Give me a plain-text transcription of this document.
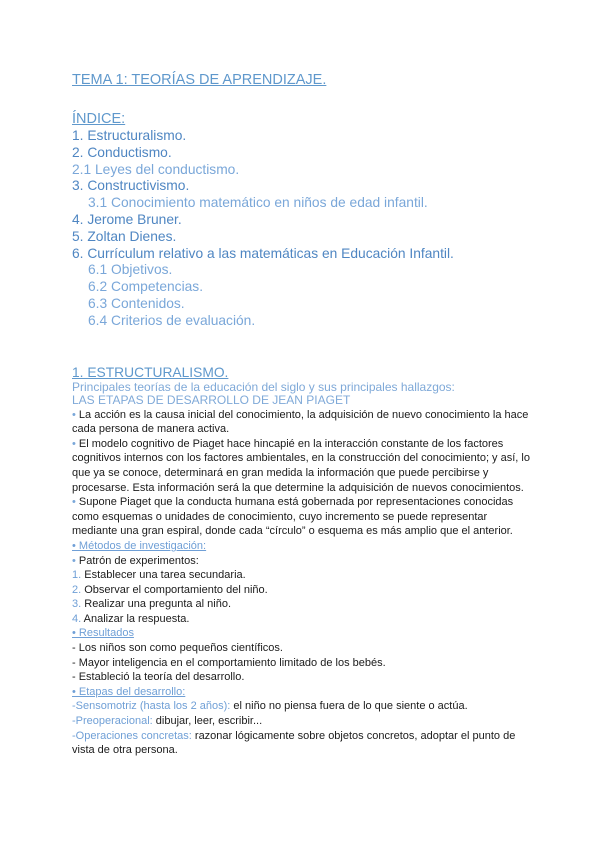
TEMA 1: TEORÍAS DE APRENDIZAJE.
ÍNDICE:
1. Estructuralismo.
2. Conductismo.
2.1 Leyes del conductismo.
3. Constructivismo.
3.1 Conocimiento matemático en niños de edad infantil.
4. Jerome Bruner.
5. Zoltan Dienes.
6. Currículum relativo a las matemáticas en Educación Infantil.
6.1 Objetivos.
6.2 Competencias.
6.3 Contenidos.
6.4 Criterios de evaluación.
1. ESTRUCTURALISMO.
Principales teorías de la educación del siglo y sus principales hallazgos:
LAS ETAPAS DE DESARROLLO DE JEAN PIAGET

• La acción es la causa inicial del conocimiento, la adquisición de nuevo conocimiento la hace cada persona de manera activa.

• El modelo cognitivo de Piaget hace hincapié en la interacción constante de los factores cognitivos internos con los factores ambientales, en la construcción del conocimiento; y así, lo que ya se conoce, determinará en gran medida la información que puede percibirse y procesarse. Esta información será la que determine la adquisición de nuevos conocimientos.

• Supone Piaget que la conducta humana está gobernada por representaciones conocidas como esquemas o unidades de conocimiento, cuyo incremento se puede representar mediante una gran espiral, donde cada “círculo” o esquema es más amplio que el anterior.

• Métodos de investigación:

• Patrón de experimentos:

1. Establecer una tarea secundaria.

2. Observar el comportamiento del niño.

3. Realizar una pregunta al niño.

4. Analizar la respuesta.

• Resultados

- Los niños son como pequeños científicos.

- Mayor inteligencia en el comportamiento limitado de los bebés.

- Estableció la teoría del desarrollo.

• Etapas del desarrollo:

-Sensomotriz (hasta los 2 años): el niño no piensa fuera de lo que siente o actúa.

-Preoperacional: dibujar, leer, escribir...

-Operaciones concretas: razonar lógicamente sobre objetos concretos, adoptar el punto de vista de otra persona.
